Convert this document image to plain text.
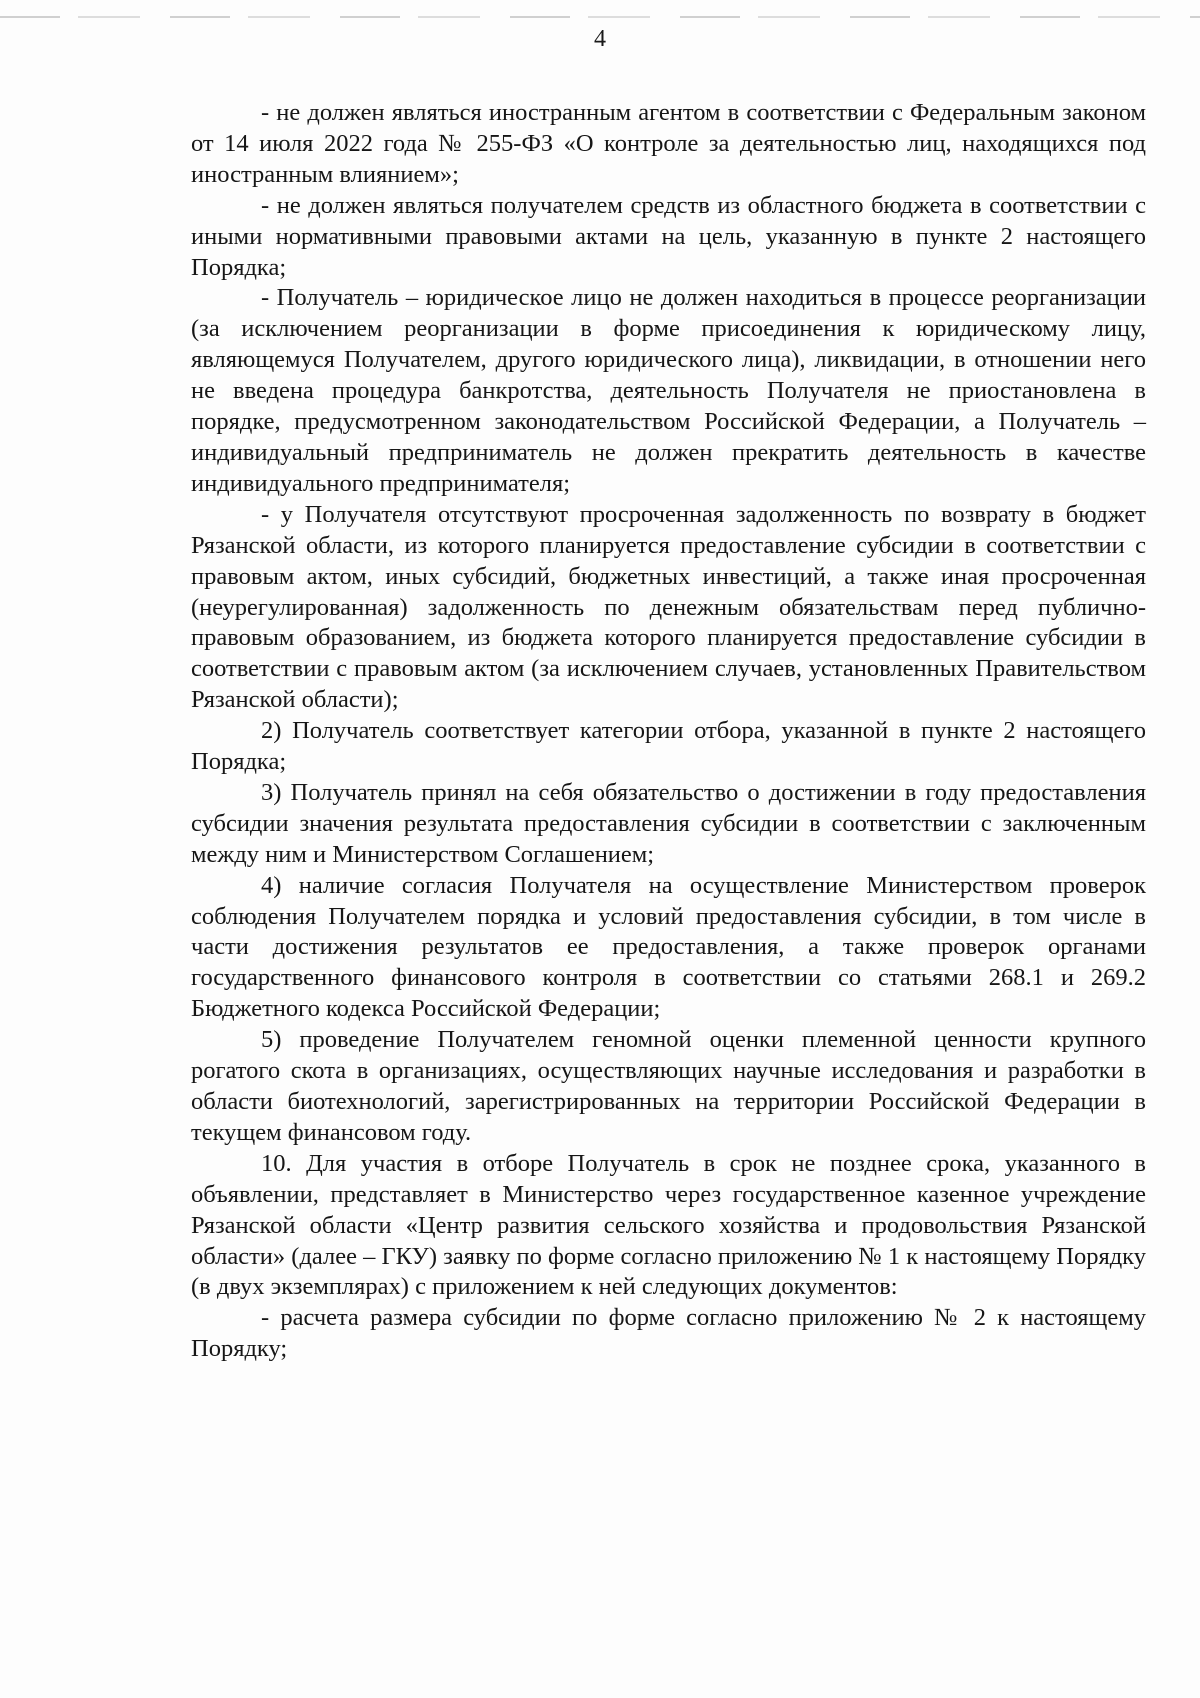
4

- не должен являться иностранным агентом в соответствии с Федеральным законом от 14 июля 2022 года № 255-ФЗ «О контроле за деятельностью лиц, находящихся под иностранным влиянием»;

- не должен являться получателем средств из областного бюджета в соответствии с иными нормативными правовыми актами на цель, указанную в пункте 2 настоящего Порядка;

- Получатель – юридическое лицо не должен находиться в процессе реорганизации (за исключением реорганизации в форме присоединения к юридическому лицу, являющемуся Получателем, другого юридического лица), ликвидации, в отношении него не введена процедура банкротства, деятельность Получателя не приостановлена в порядке, предусмотренном законодательством Российской Федерации, а Получатель – индивидуальный предприниматель не должен прекратить деятельность в качестве индивидуального предпринимателя;

- у Получателя отсутствуют просроченная задолженность по возврату в бюджет Рязанской области, из которого планируется предоставление субсидии в соответствии с правовым актом, иных субсидий, бюджетных инвестиций, а также иная просроченная (неурегулированная) задолженность по денежным обязательствам перед публично-правовым образованием, из бюджета которого планируется предоставление субсидии в соответствии с правовым актом (за исключением случаев, установленных Правительством Рязанской области);

2) Получатель соответствует категории отбора, указанной в пункте 2 настоящего Порядка;

3) Получатель принял на себя обязательство о достижении в году предоставления субсидии значения результата предоставления субсидии в соответствии с заключенным между ним и Министерством Соглашением;

4) наличие согласия Получателя на осуществление Министерством проверок соблюдения Получателем порядка и условий предоставления субсидии, в том числе в части достижения результатов ее предоставления, а также проверок органами государственного финансового контроля в соответствии со статьями 268.1 и 269.2 Бюджетного кодекса Российской Федерации;

5) проведение Получателем геномной оценки племенной ценности крупного рогатого скота в организациях, осуществляющих научные исследования и разработки в области биотехнологий, зарегистрированных на территории Российской Федерации в текущем финансовом году.

10. Для участия в отборе Получатель в срок не позднее срока, указанного в объявлении, представляет в Министерство через государственное казенное учреждение Рязанской области «Центр развития сельского хозяйства и продовольствия Рязанской области» (далее – ГКУ) заявку по форме согласно приложению № 1 к настоящему Порядку (в двух экземплярах) с приложением к ней следующих документов:

- расчета размера субсидии по форме согласно приложению № 2 к настоящему Порядку;
